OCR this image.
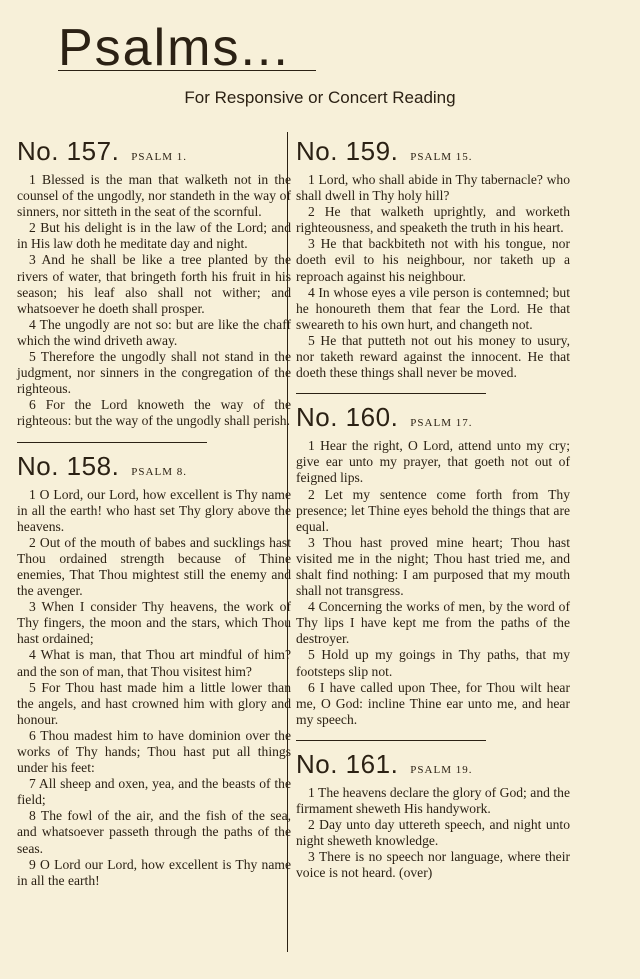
Psalms...
For Responsive or Concert Reading
No. 157. PSALM 1.

1 Blessed is the man that walketh not in the counsel of the ungodly, nor standeth in the way of sinners, nor sitteth in the seat of the scornful.

2 But his delight is in the law of the Lord; and in His law doth he meditate day and night.

3 And he shall be like a tree planted by the rivers of water, that bringeth forth his fruit in his season; his leaf also shall not wither; and whatsoever he doeth shall prosper.

4 The ungodly are not so: but are like the chaff which the wind driveth away.

5 Therefore the ungodly shall not stand in the judgment, nor sinners in the congregation of the righteous.

6 For the Lord knoweth the way of the righteous: but the way of the ungodly shall perish.

No. 158. PSALM 8.

1 O Lord, our Lord, how excellent is Thy name in all the earth! who hast set Thy glory above the heavens.

2 Out of the mouth of babes and sucklings hast Thou ordained strength because of Thine enemies, That Thou mightest still the enemy and the avenger.

3 When I consider Thy heavens, the work of Thy fingers, the moon and the stars, which Thou hast ordained;

4 What is man, that Thou art mindful of him? and the son of man, that Thou visitest him?

5 For Thou hast made him a little lower than the angels, and hast crowned him with glory and honour.

6 Thou madest him to have dominion over the works of Thy hands; Thou hast put all things under his feet:

7 All sheep and oxen, yea, and the beasts of the field;

8 The fowl of the air, and the fish of the sea, and whatsoever passeth through the paths of the seas.

9 O Lord our Lord, how excellent is Thy name in all the earth!

No. 159. PSALM 15.

1 Lord, who shall abide in Thy tabernacle? who shall dwell in Thy holy hill?

2 He that walketh uprightly, and worketh righteousness, and speaketh the truth in his heart.

3 He that backbiteth not with his tongue, nor doeth evil to his neighbour, nor taketh up a reproach against his neighbour.

4 In whose eyes a vile person is contemned; but he honoureth them that fear the Lord. He that sweareth to his own hurt, and changeth not.

5 He that putteth not out his money to usury, nor taketh reward against the innocent. He that doeth these things shall never be moved.

No. 160. PSALM 17.

1 Hear the right, O Lord, attend unto my cry; give ear unto my prayer, that goeth not out of feigned lips.

2 Let my sentence come forth from Thy presence; let Thine eyes behold the things that are equal.

3 Thou hast proved mine heart; Thou hast visited me in the night; Thou hast tried me, and shalt find nothing: I am purposed that my mouth shall not transgress.

4 Concerning the works of men, by the word of Thy lips I have kept me from the paths of the destroyer.

5 Hold up my goings in Thy paths, that my footsteps slip not.

6 I have called upon Thee, for Thou wilt hear me, O God: incline Thine ear unto me, and hear my speech.

No. 161. PSALM 19.

1 The heavens declare the glory of God; and the firmament sheweth His handywork.

2 Day unto day uttereth speech, and night unto night sheweth knowledge.

3 There is no speech nor language, where their voice is not heard. (over)
